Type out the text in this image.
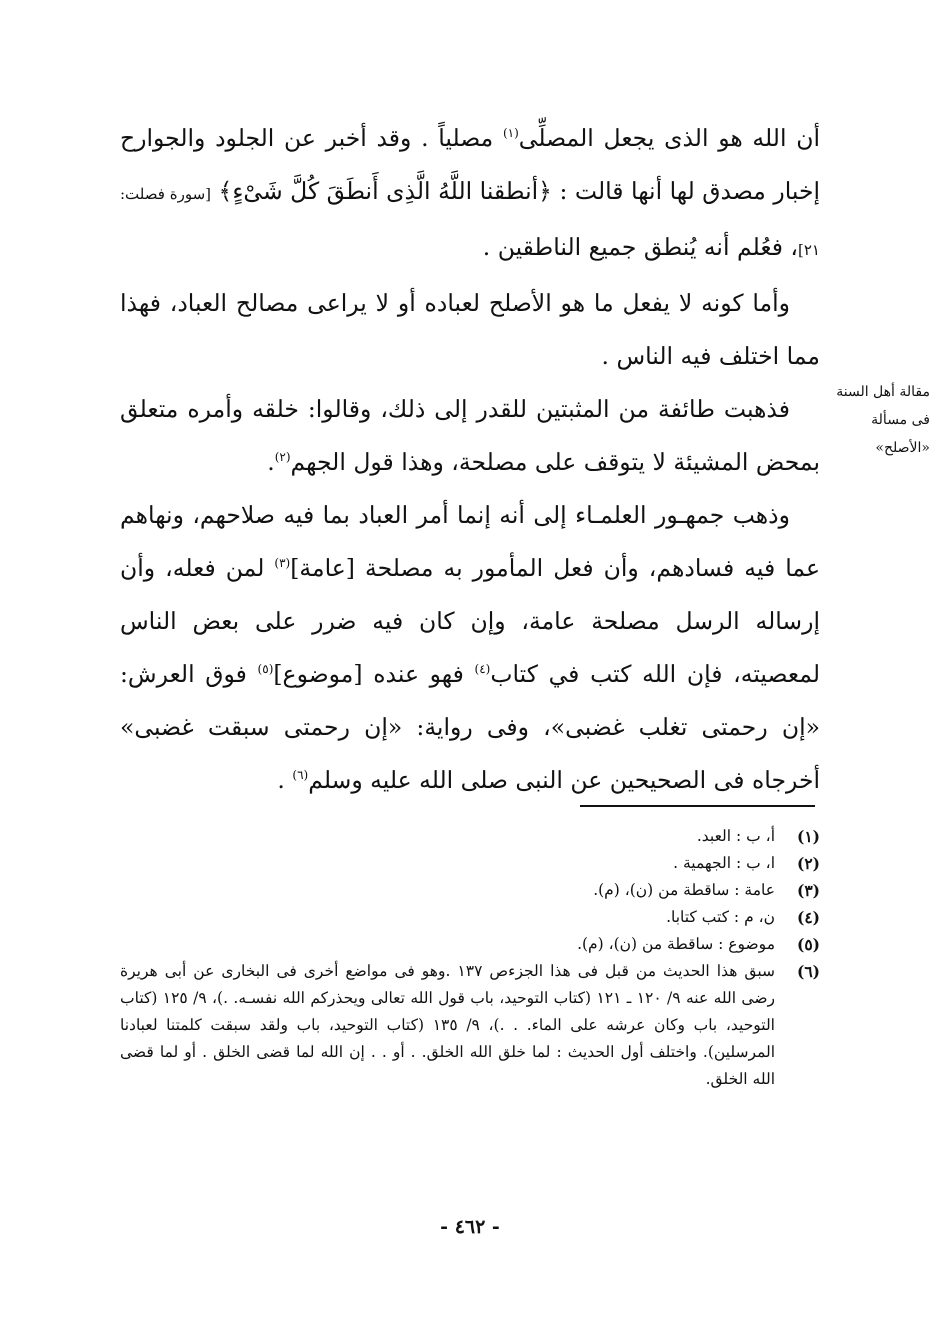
أن الله هو الذى يجعل المصلِّى$^{(١)}$ مصلياً . وقد أخبر عن الجلود والجوارح إخبار مصدق لها أنها قالت : ﴿أنطقنا اللَّهُ الَّذِى أَنطَقَ كُلَّ شَىْءٍ﴾ [سورة فصلت: ٢١]، فعُلم أنه يُنطق جميع الناطقين .

وأما كونه لا يفعل ما هو الأصلح لعباده أو لا يراعى مصالح العباد، فهذا مما اختلف فيه الناس .

فذهبت طائفة من المثبتين للقدر إلى ذلك، وقالوا: خلقه وأمره متعلق بمحض المشيئة لا يتوقف على مصلحة، وهذا قول الجهم$^{(٢)}$.

وذهب جمهـور العلمـاء إلى أنه إنما أمر العباد بما فيه صلاحهم، ونهاهم عما فيه فسادهم، وأن فعل المأمور به مصلحة [عامة]$^{(٣)}$ لمن فعله، وأن إرساله الرسل مصلحة عامة، وإن كان فيه ضرر على بعض الناس لمعصيته، فإن الله كتب في كتاب$^{(٤)}$ فهو عنده [موضوع]$^{(٥)}$ فوق العرش: «إن رحمتى تغلب غضبى»، وفى رواية: «إن رحمتى سبقت غضبى» أخرجاه فى الصحيحين عن النبى صلى الله عليه وسلم$^{(٦)}$ .

مقالة أهل السنة
فى مسألة
«الأصلح»
(١)
أ، ب : العبد.
(٢)
ا، ب : الجهمية .
(٣)
عامة : ساقطة من (ن)، (م).
(٤)
ن، م : كتب كتابا.
(٥)
موضوع : ساقطة من (ن)، (م).
(٦)
سبق هذا الحديث من قبل فى هذا الجزءص ١٣٧ .وهو فى مواضع أخرى فى البخارى عن أبى هريرة رضى الله عنه ٩/ ١٢٠ ـ ١٢١ (كتاب التوحيد، باب قول الله تعالى ويحذركم الله نفسـه. .)، ٩/ ١٢٥ (كتاب التوحيد، باب وكان عرشه على الماء. . .)، ٩/ ١٣٥ (كتاب التوحيد، باب ولقد سبقت كلمتنا لعبادنا المرسلين). واختلف أول الحديث : لما خلق الله الخلق. . أو . . إن الله لما قضى الخلق . أو لما قضى الله الخلق.
- ٤٦٢ -
